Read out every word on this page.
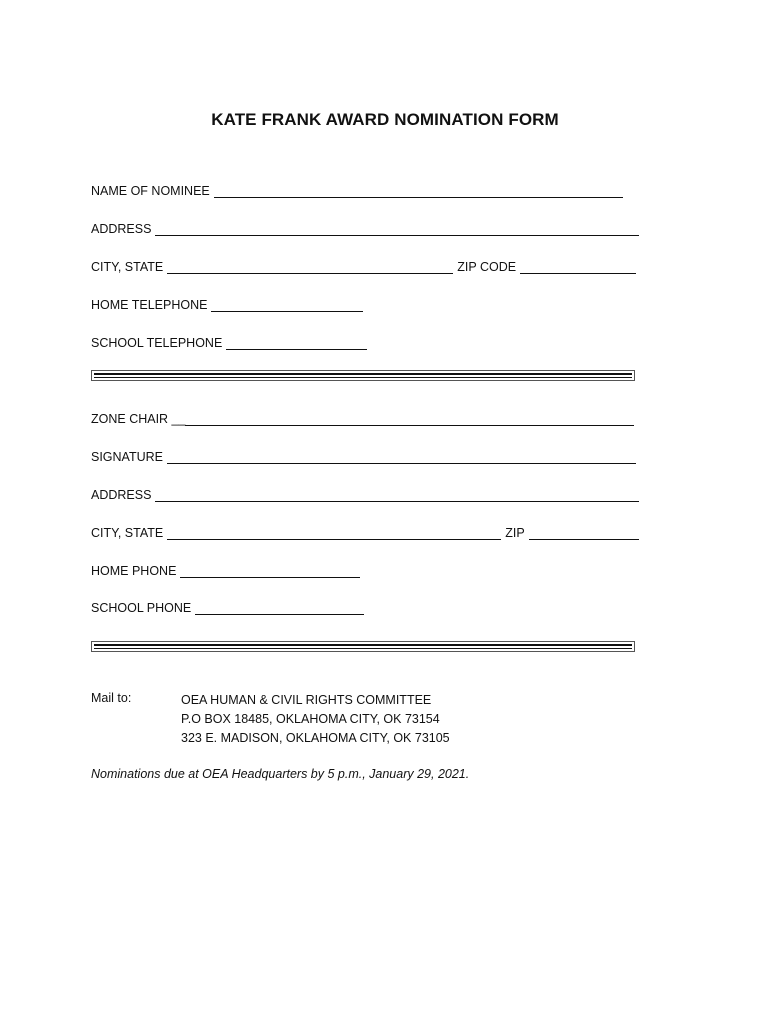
KATE FRANK AWARD NOMINATION FORM
NAME OF NOMINEE
ADDRESS
CITY, STATE	ZIP CODE
HOME TELEPHONE
SCHOOL TELEPHONE
ZONE CHAIR __
SIGNATURE
ADDRESS
CITY, STATE	ZIP
HOME PHONE
SCHOOL PHONE
Mail to:	OEA HUMAN & CIVIL RIGHTS COMMITTEE
P.O BOX 18485, OKLAHOMA CITY, OK 73154
323 E. MADISON, OKLAHOMA CITY, OK 73105
Nominations due at OEA Headquarters by 5 p.m., January 29, 2021.
